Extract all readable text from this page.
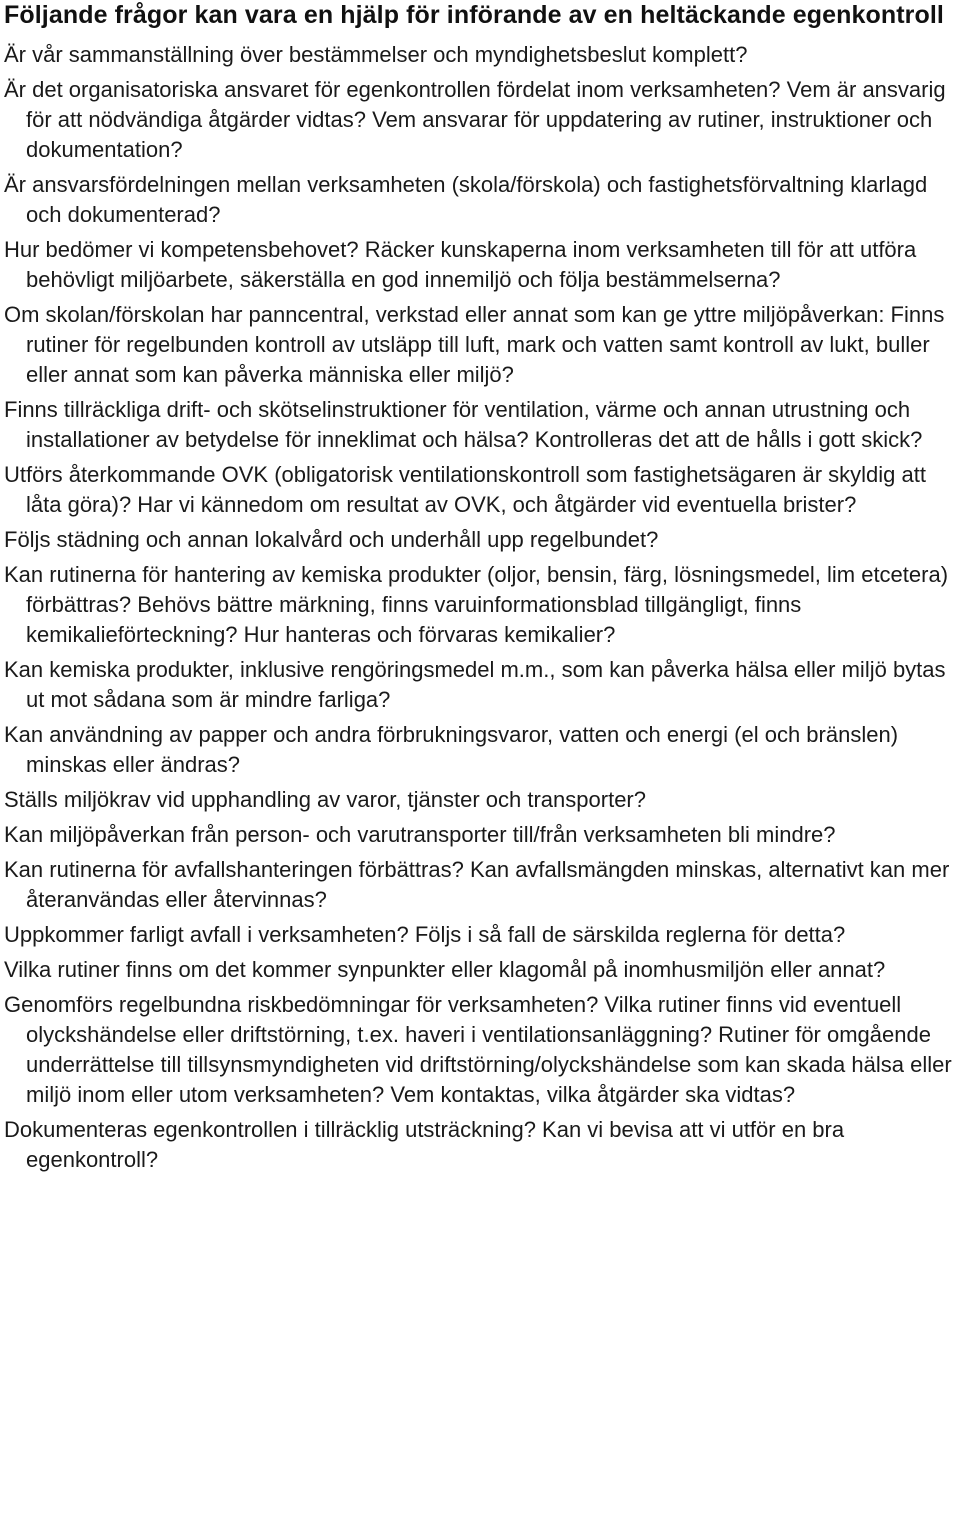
Följande frågor kan vara en hjälp för införande av en heltäckande egenkontroll
Är vår sammanställning över bestämmelser och myndighetsbeslut komplett?
Är det organisatoriska ansvaret för egenkontrollen fördelat inom verksamheten? Vem är ansvarig för att nödvändiga åtgärder vidtas? Vem ansvarar för uppdatering av rutiner, instruktioner och dokumentation?
Är ansvarsfördelningen mellan verksamheten (skola/förskola) och fastighetsförvaltning klarlagd och dokumenterad?
Hur bedömer vi kompetensbehovet? Räcker kunskaperna inom verksamheten till för att utföra behövligt miljöarbete, säkerställa en god innemiljö och följa bestämmelserna?
Om skolan/förskolan har panncentral, verkstad eller annat som kan ge yttre miljöpåverkan: Finns rutiner för regelbunden kontroll av utsläpp till luft, mark och vatten samt kontroll av lukt, buller eller annat som kan påverka människa eller miljö?
Finns tillräckliga drift- och skötselinstruktioner för ventilation, värme och annan utrustning och installationer av betydelse för inneklimat och hälsa? Kontrolleras det att de hålls i gott skick?
Utförs återkommande OVK (obligatorisk ventilationskontroll som fastighetsägaren är skyldig att låta göra)? Har vi kännedom om resultat av OVK, och åtgärder vid eventuella brister?
Följs städning och annan lokalvård och underhåll upp regelbundet?
Kan rutinerna för hantering av kemiska produkter (oljor, bensin, färg, lösningsmedel, lim etcetera) förbättras? Behövs bättre märkning, finns varuinformationsblad tillgängligt, finns kemikalieförteckning? Hur hanteras och förvaras kemikalier?
Kan kemiska produkter, inklusive rengöringsmedel m.m., som kan påverka hälsa eller miljö bytas ut mot sådana som är mindre farliga?
Kan användning av papper och andra förbrukningsvaror, vatten och energi (el och bränslen) minskas eller ändras?
Ställs miljökrav vid upphandling av varor, tjänster och transporter?
Kan miljöpåverkan från person- och varutransporter till/från verksamheten bli mindre?
Kan rutinerna för avfallshanteringen förbättras? Kan avfallsmängden minskas, alternativt kan mer återanvändas eller återvinnas?
Uppkommer farligt avfall i verksamheten? Följs i så fall de särskilda reglerna för detta?
Vilka rutiner finns om det kommer synpunkter eller klagomål på inomhusmiljön eller annat?
Genomförs regelbundna riskbedömningar för verksamheten? Vilka rutiner finns vid eventuell olyckshändelse eller driftstörning, t.ex. haveri i ventilationsanläggning? Rutiner för omgående underrättelse till tillsynsmyndigheten vid driftstörning/olyckshändelse som kan skada hälsa eller miljö inom eller utom verksamheten? Vem kontaktas, vilka åtgärder ska vidtas?
Dokumenteras egenkontrollen i tillräcklig utsträckning? Kan vi bevisa att vi utför en bra egenkontroll?
